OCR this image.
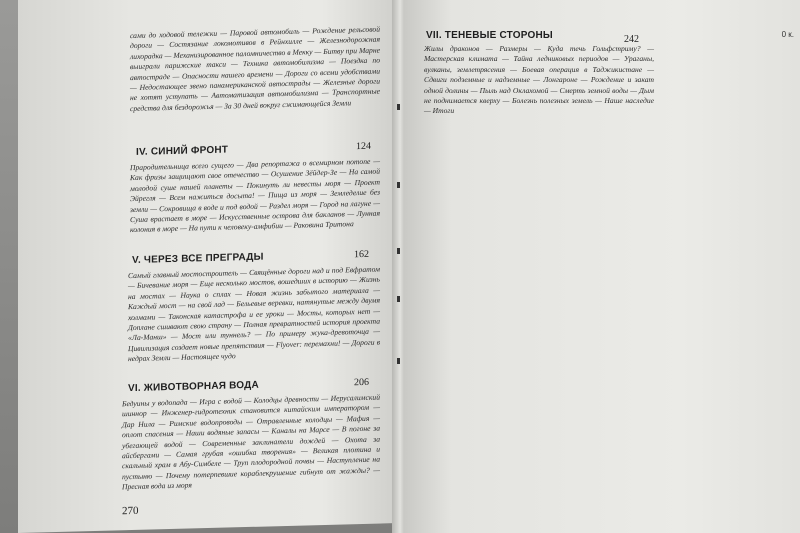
сами до ходовой тележки — Паровой автомобиль — Рождение рельсовой дороги — Состязание локомотивов в Рейнхилле — Железнодорожная лихорадка — Механизированное паломничество в Мекку — Битву при Марне выиграли парижские такси — Техника автомобилизма — Поездка по автостраде — Опасности нашего времени — Дороги со всеми удобствами — Недостающее звено панамериканской автострады — Железные дороги не хотят уступать — Автоматизация автомобилизма — Транспортные средства для бездорожья — За 30 дней вокруг сжимающейся Земли
IV. СИНИЙ ФРОНТ	124
Прародительница всего сущего — Два репортажа о всемирном потопе — Как фризы защищают свое отечество — Осушение Зёйдер-Зе — На самой молодой суше нашей планеты — Покинуть ли невесты моря — Проект Эйрегля — Всем нажиться досыта! — Пища из моря — Земледелие без земли — Сокровища в воде и под водой — Раздел моря — Город на лагуне — Суша врастает в море — Искусственные острова для бакланов — Лунная колония в море — На пути к человеку-амфибии — Раковина Тритона
V. ЧЕРЕЗ ВСЕ ПРЕГРАДЫ	162
Самый главный мостостроитель — Свящённые дороги над и под Евфратом — Бичевание моря — Еще несколько мостов, вошедших в историю — Жизнь на мостах — Наука о сплах — Новая жизнь забытого материала — Каждый мост — на свой лад — Бельевые веревки, натянутые между двумя холмами — Таконская катастрофа и ее уроки — Мосты, которых нет — Доплане сшивают свою страну — Полная превратностей история проекта «Ла-Манш» — Мост или туннель? — По примеру жука-древоточца — Цивилизация создает новые препятствия — Flyover: перемахни! — Дороги в недрах Земли — Настоящее чудо
VI. ЖИВОТВОРНАЯ ВОДА	206
Бедуины у водопада — Игра с водой — Колодцы древности — Иерусалимский шиннор — Инженер-гидротехник становится китайским императором — Дар Нила — Римские водопроводы — Отравленные колодцы — Мафия — оплот спасения — Наши водяные запасы — Каналы на Марсе — В погоне за убегающей водой — Современные заклинатели дождей — Охота за айсбергами — Самая грубая «ошибка творения» — Великая плотина и скальный храм в Абу-Симбеле — Труп плодородной почвы — Наступление на пустыню — Почему потерпевшие кораблекрушение гибнут от жажды? — Пресная вода из моря
270
VII. ТЕНЕВЫЕ СТОРОНЫ	242
Жилы драконов — Размеры — Куда течь Гольфстриму? — Мастерская климата — Тайна ледниковых периодов — Ураганы, вулканы, землетрясения — Боевая операция в Таджикистане — Сдвиги подземные и надземные — Лонгароне — Рождение и закат одной долины — Пыль над Оклахомой — Смерть земной воды — Дым не поднимается кверху — Болезнь полезных земель — Наше наследие — Итоги
0 к.
